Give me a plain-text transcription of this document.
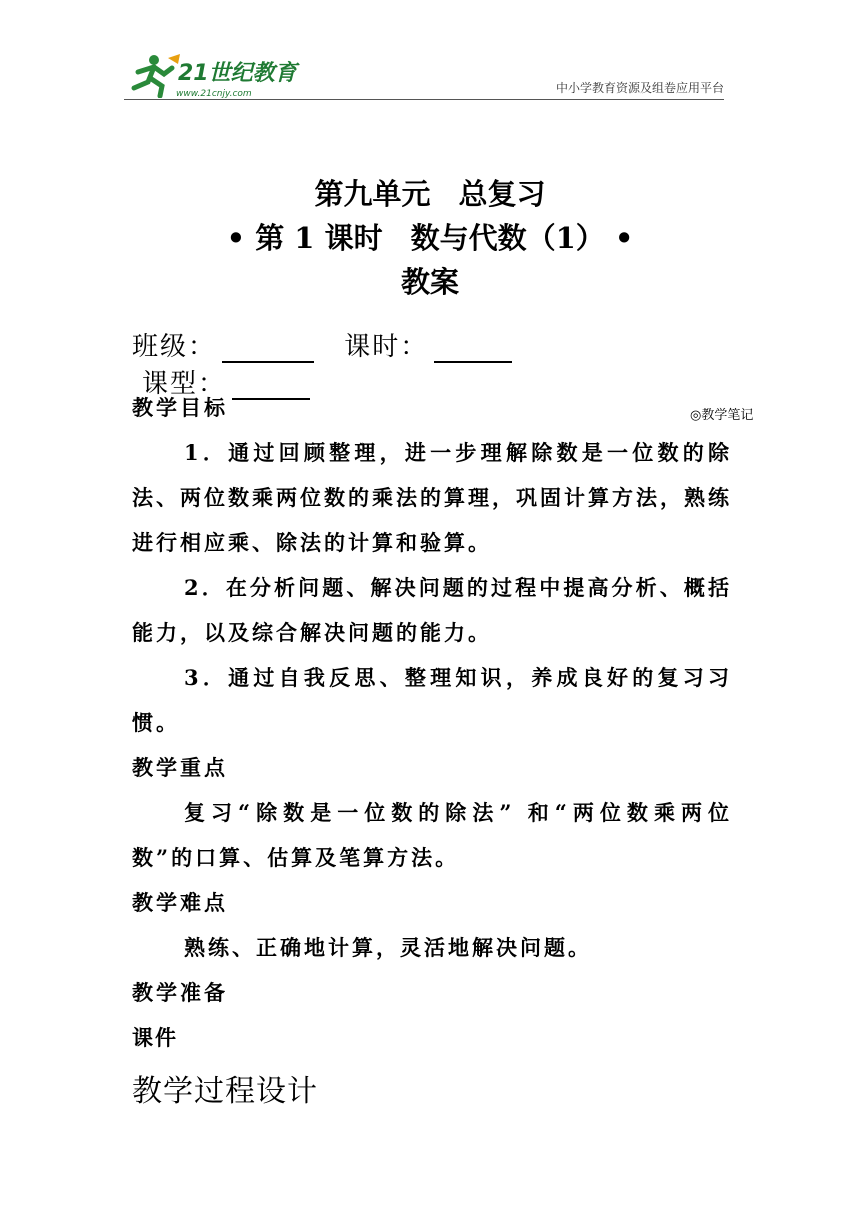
21世纪教育
www.21cnjy.com	中小学教育资源及组卷应用平台
第九单元 总复习
• 第 1 课时 数与代数（1） •
教案
班级：	课时： 课型：
◎教学笔记
教学目标

1．通过回顾整理，进一步理解除数是一位数的除法、两位数乘两位数的乘法的算理，巩固计算方法，熟练进行相应乘、除法的计算和验算。

2．在分析问题、解决问题的过程中提高分析、概括能力，以及综合解决问题的能力。

3．通过自我反思、整理知识，养成良好的复习习惯。

教学重点

复习“除数是一位数的除法” 和“两位数乘两位数”的口算、估算及笔算方法。

教学难点

熟练、正确地计算，灵活地解决问题。

教学准备
课件
教学过程设计
